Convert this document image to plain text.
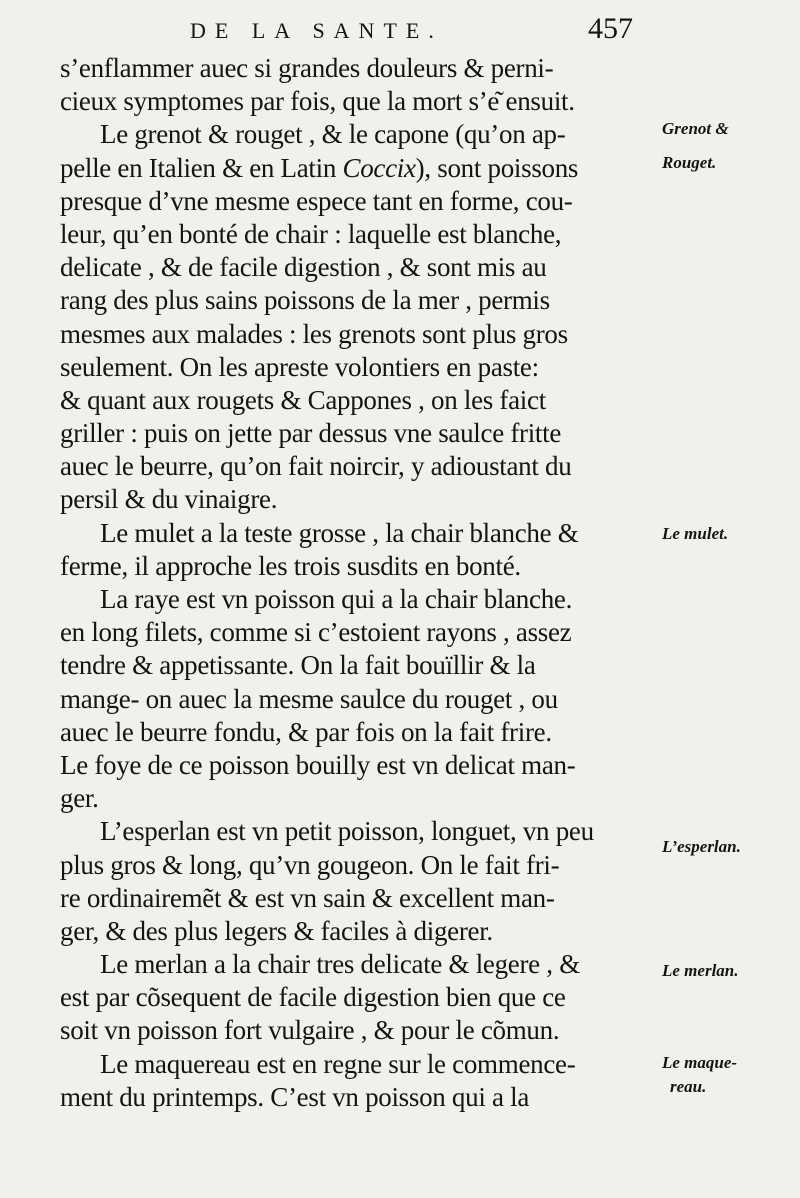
DE LA SANTE.	457
s’enflammer auec si grandes douleurs & perni-
cieux symptomes par fois, que la mort s’e͂ ensuit.
Le grenot & rouget , & le capone (qu’on ap-
pelle en Italien & en Latin Coccix), sont poissons
presque d’vne mesme espece tant en forme, cou-
leur, qu’en bonté de chair : laquelle est blanche,
delicate , & de facile digestion , & sont mis au
rang des plus sains poissons de la mer , permis
mesmes aux malades : les grenots sont plus gros
seulement. On les apreste volontiers en paste:
& quant aux rougets & Cappones , on les faict
griller : puis on jette par dessus vne saulce fritte
auec le beurre, qu’on fait noircir, y adioustant du
persil & du vinaigre.
Le mulet a la teste grosse , la chair blanche &
ferme, il approche les trois susdits en bonté.
La raye est vn poisson qui a la chair blanche.
en long filets, comme si c’estoient rayons , assez
tendre & appetissante. On la fait bouïllir & la
mange- on auec la mesme saulce du rouget , ou
auec le beurre fondu, & par fois on la fait frire.
Le foye de ce poisson bouilly est vn delicat man-
ger.
L’esperlan est vn petit poisson, longuet, vn peu
plus gros & long, qu’vn gougeon. On le fait fri-
re ordinairemẽt & est vn sain & excellent man-
ger, & des plus legers & faciles à digerer.
Le merlan a la chair tres delicate & legere , &
est par cõsequent de facile digestion bien que ce
soit vn poisson fort vulgaire , & pour le cõmun.
Le maquereau est en regne sur le commence-
ment du printemps. C’est vn poisson qui a la
Grenot &
Rouget.
Le mulet.
L’esperlan.
Le merlan.
Le maque-
reau.
